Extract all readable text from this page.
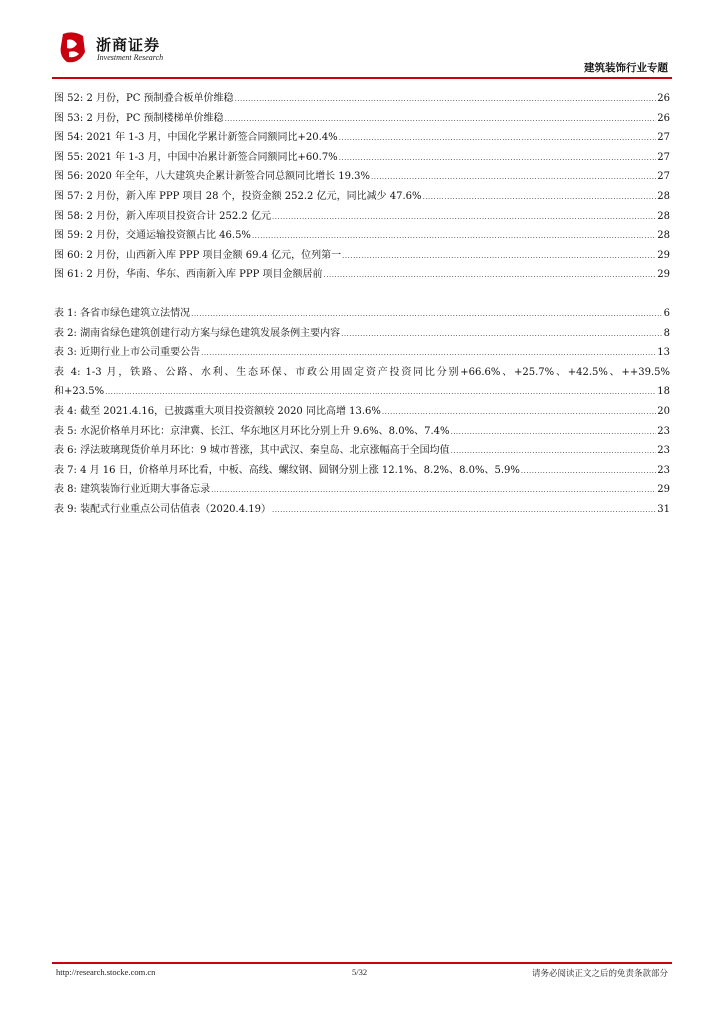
浙商证券
Investment Research
建筑装饰行业专题
图 52: 2 月份，PC 预制叠合板单价维稳 .....	26
图 53: 2 月份，PC 预制楼梯单价维稳 .....	26
图 54: 2021 年 1-3 月，中国化学累计新签合同额同比+20.4% .....	27
图 55: 2021 年 1-3 月，中国中冶累计新签合同额同比+60.7% .....	27
图 56: 2020 年全年，八大建筑央企累计新签合同总额同比增长 19.3% .....	27
图 57: 2 月份，新入库 PPP 项目 28 个，投资金额 252.2 亿元，同比减少 47.6% .....	28
图 58: 2 月份，新入库项目投资合计 252.2 亿元 .....	28
图 59: 2 月份，交通运输投资额占比 46.5% .....	28
图 60: 2 月份，山西新入库 PPP 项目金额 69.4 亿元，位列第一 .....	29
图 61: 2 月份，华南、华东、西南新入库 PPP 项目金额居前 .....	29
表 1: 各省市绿色建筑立法情况 .....	6
表 2: 湖南省绿色建筑创建行动方案与绿色建筑发展条例主要内容 .....	8
表 3: 近期行业上市公司重要公告 .....	13
表 4: 1-3 月，铁路、公路、水利、生态环保、市政公用固定资产投资同比分别+66.6%、+25.7%、+42.5%、++39.5%
和+23.5% .....	18
表 4: 截至 2021.4.16，已披露重大项目投资额较 2020 同比高增 13.6% .....	20
表 5: 水泥价格单月环比：京津冀、长江、华东地区月环比分别上升 9.6%、8.0%、7.4% .....	23
表 6: 浮法玻璃现货价单月环比：9 城市普涨，其中武汉、秦皇岛、北京涨幅高于全国均值 .....	23
表 7: 4 月 16 日，价格单月环比看，中板、高线、螺纹钢、圆钢分别上涨 12.1%、8.2%、8.0%、5.9% .....	23
表 8: 建筑装饰行业近期大事备忘录 .....	29
表 9: 装配式行业重点公司估值表（2020.4.19） .....	31
http://research.stocke.com.cn	5/32	请务必阅读正文之后的免责条款部分
